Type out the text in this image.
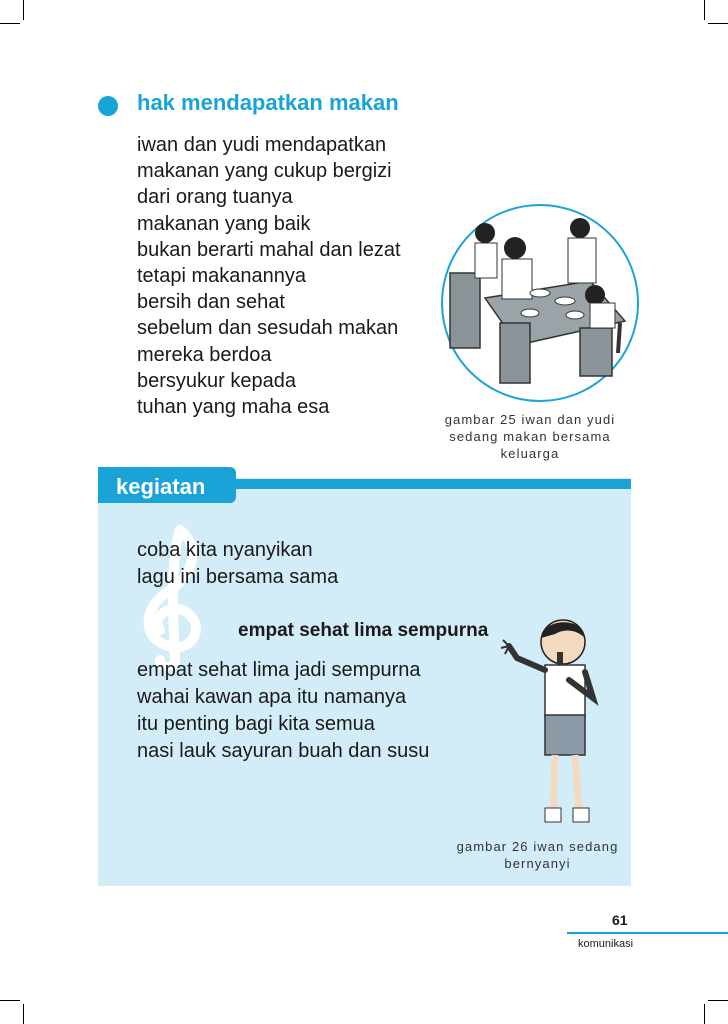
hak mendapatkan makan
iwan dan yudi mendapatkan
makanan yang cukup bergizi
dari orang tuanya
makanan yang baik
bukan berarti mahal dan lezat
tetapi makanannya
bersih dan sehat
sebelum dan sesudah makan
mereka berdoa
bersyukur kepada
tuhan yang maha esa
gambar 25 iwan dan yudi
sedang makan bersama
keluarga
kegiatan
coba kita nyanyikan
lagu ini bersama sama
empat sehat lima sempurna
empat sehat lima jadi sempurna
wahai kawan apa itu namanya
itu penting bagi kita semua
nasi lauk sayuran buah dan susu
gambar 26 iwan sedang
bernyanyi
61
komunikasi
